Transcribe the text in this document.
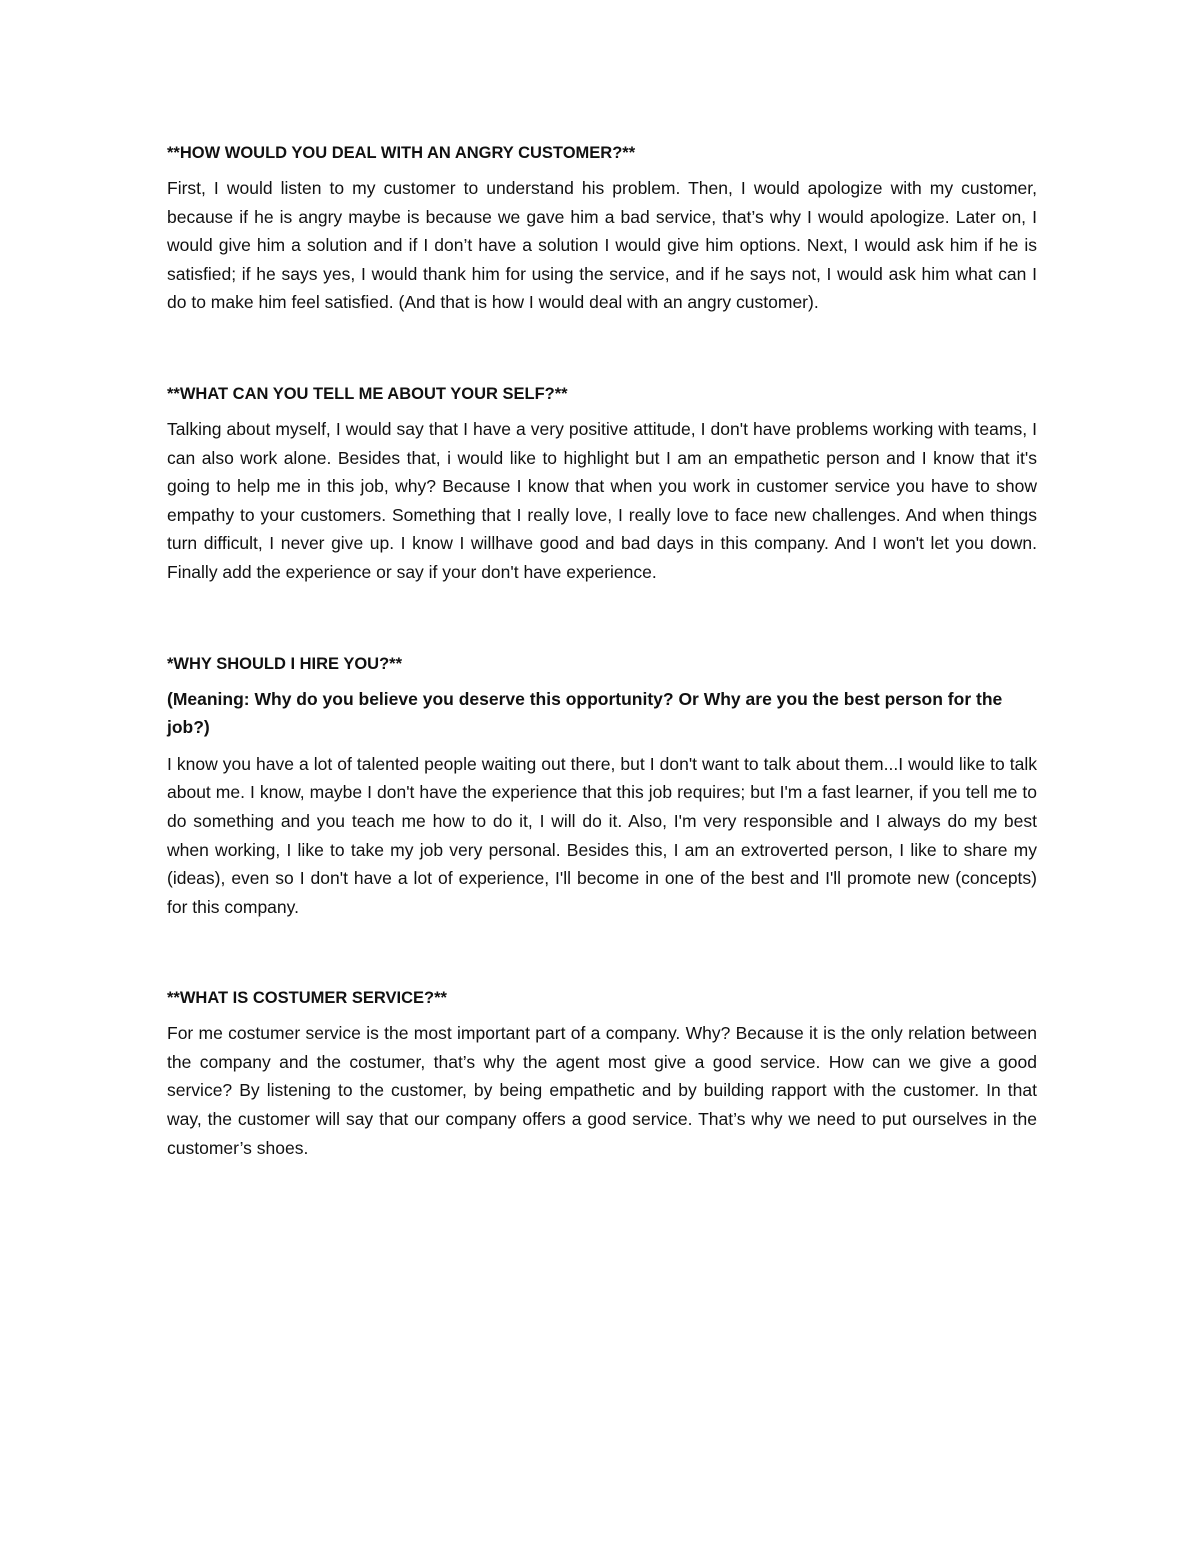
**HOW WOULD YOU DEAL WITH AN ANGRY CUSTOMER?**

First, I would listen to my customer to understand his problem. Then, I would apologize with my customer, because if he is angry maybe is because we gave him a bad service, that’s why I would apologize. Later on, I would give him a solution and if I don’t have a solution I would give him options. Next, I would ask him if he is satisfied; if he says yes, I would thank him for using the service, and if he says not, I would ask him what can I do to make him feel satisfied. (And that is how I would deal with an angry customer).

**WHAT CAN YOU TELL ME ABOUT YOUR SELF?**

Talking about myself, I would say that I have a very positive attitude, I don't have problems working with teams, I can also work alone. Besides that, i would like to highlight but I am an empathetic person and I know that it's going to help me in this job, why? Because I know that when you work in customer service you have to show empathy to your customers. Something that I really love, I really love to face new challenges. And when things turn difficult, I never give up. I know I willhave good and bad days in this company. And I won't let you down. Finally add the experience or say if your don't have experience.

*WHY SHOULD I HIRE YOU?**

(Meaning: Why do you believe you deserve this opportunity? Or Why are you the best person for the job?)

I know you have a lot of talented people waiting out there, but I don't want to talk about them...I would like to talk about me. I know, maybe I don't have the experience that this job requires; but I'm a fast learner, if you tell me to do something and you teach me how to do it, I will do it. Also, I'm very responsible and I always do my best when working, I like to take my job very personal. Besides this, I am an extroverted person, I like to share my (ideas), even so I don't have a lot of experience, I'll become in one of the best and I'll promote new (concepts) for this company.

**WHAT IS COSTUMER SERVICE?**

For me costumer service is the most important part of a company. Why? Because it is the only relation between the company and the costumer, that’s why the agent most give a good service. How can we give a good service? By listening to the customer, by being empathetic and by building rapport with the customer. In that way, the customer will say that our company offers a good service. That’s why we need to put ourselves in the customer’s shoes.
